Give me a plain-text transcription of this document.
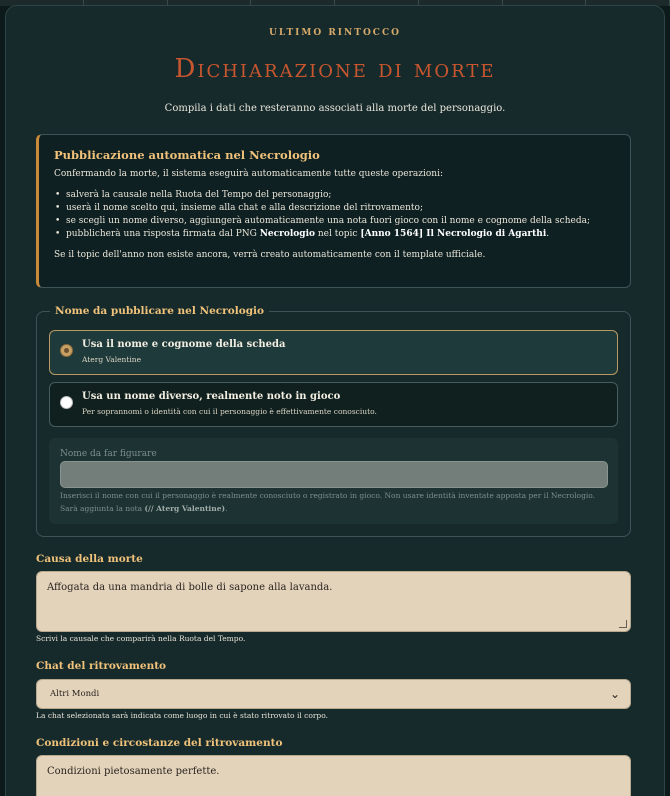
ULTIMO RINTOCCO
Dichiarazione di morte
Compila i dati che resteranno associati alla morte del personaggio.
Pubblicazione automatica nel Necrologio

Confermando la morte, il sistema eseguirà automaticamente tutte queste operazioni:

• salverà la causale nella Ruota del Tempo del personaggio;
• userà il nome scelto qui, insieme alla chat e alla descrizione del ritrovamento;
• se scegli un nome diverso, aggiungerà automaticamente una nota fuori gioco con il nome e cognome della scheda;
• pubblicherà una risposta firmata dal PNG Necrologio nel topic [Anno 1564] Il Necrologio di Agarthi.

Se il topic dell'anno non esiste ancora, verrà creato automaticamente con il template ufficiale.

Nome da pubblicare nel Necrologio
Usa il nome e cognome della scheda
Aterg Valentine
Usa un nome diverso, realmente noto in gioco
Per soprannomi o identità con cui il personaggio è effettivamente conosciuto.
Nome da far figurare
Inserisci il nome con cui il personaggio è realmente conosciuto o registrato in gioco. Non usare identità inventate apposta per il Necrologio. Sarà aggiunta la nota (// Aterg Valentine).
Causa della morte
Affogata da una mandria di bolle di sapone alla lavanda.
Scrivi la causale che comparirà nella Ruota del Tempo.
Chat del ritrovamento
Altri Mondi	⌄
La chat selezionata sarà indicata come luogo in cui è stato ritrovato il corpo.
Condizioni e circostanze del ritrovamento
Condizioni pietosamente perfette.
